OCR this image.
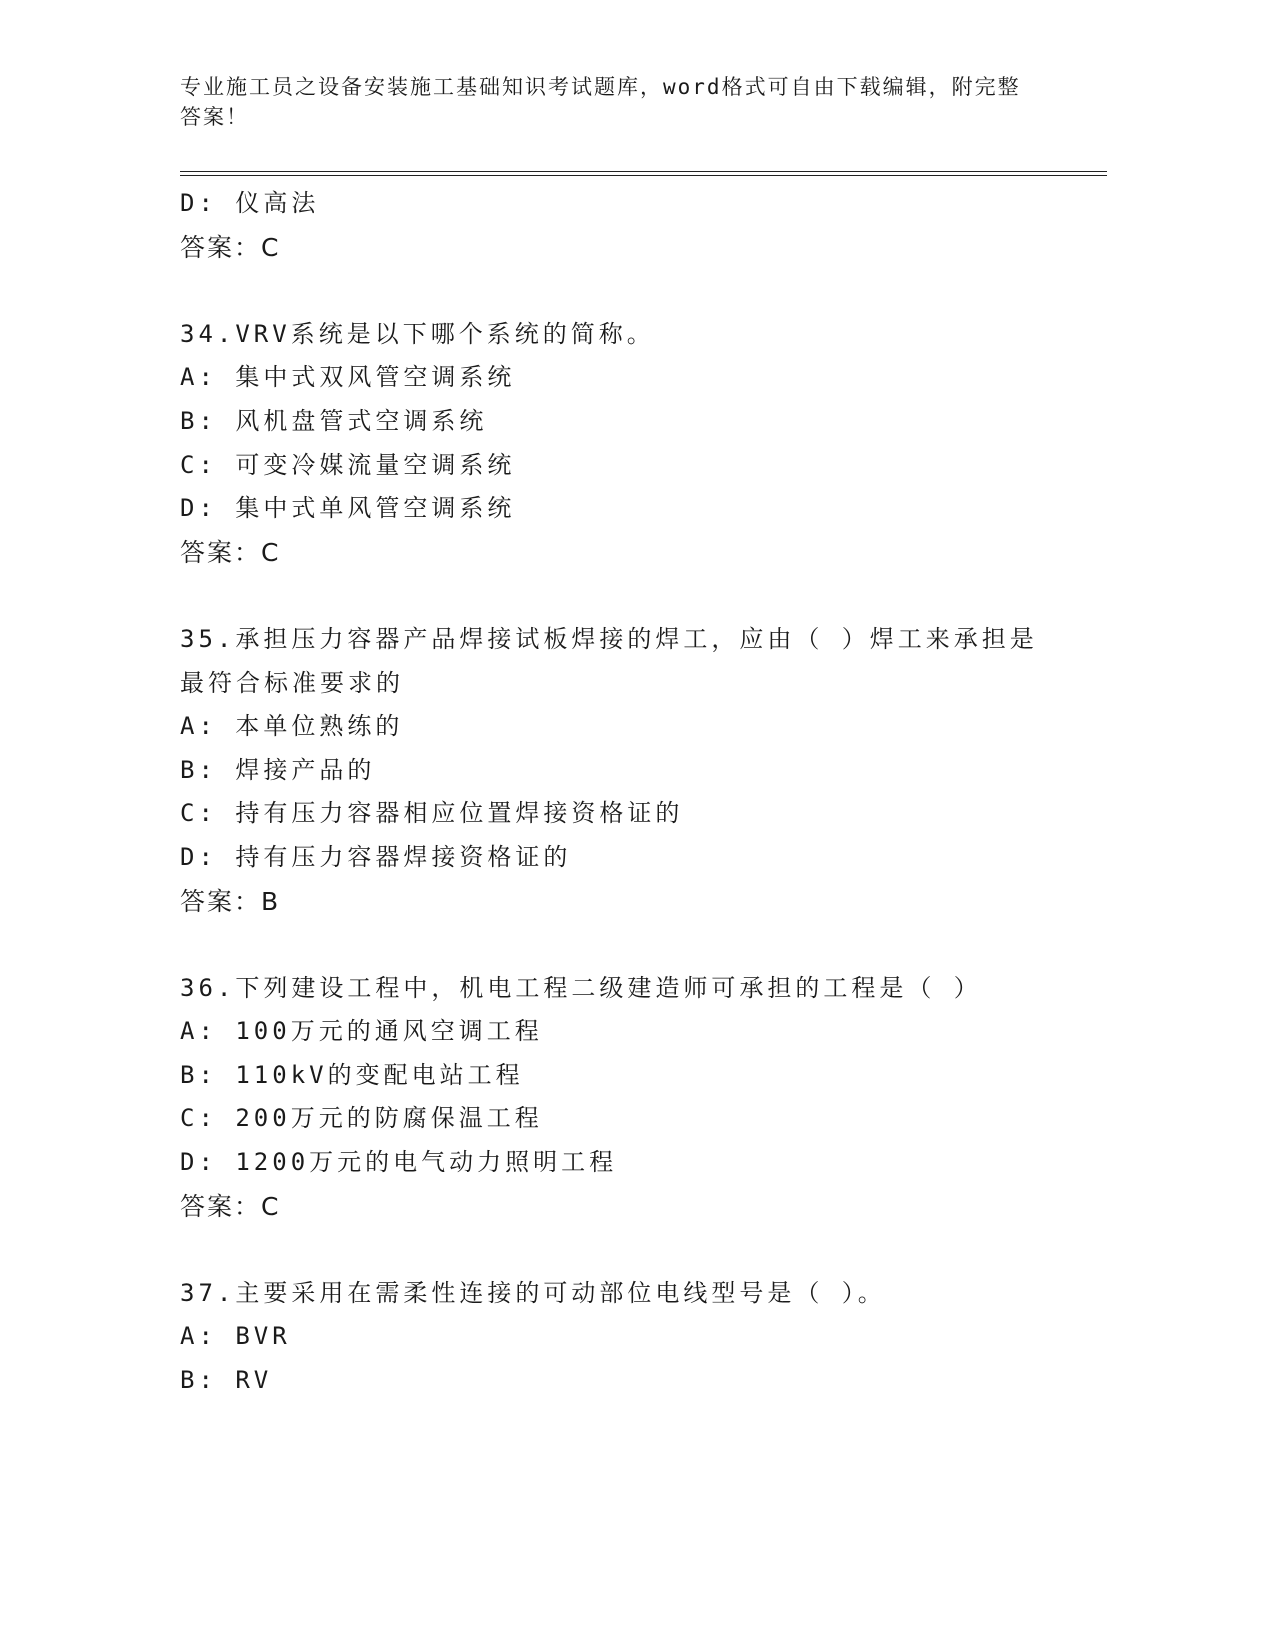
专业施工员之设备安装施工基础知识考试题库，word格式可自由下载编辑，附完整答案！
D: 仪高法
答案：C
34.VRV系统是以下哪个系统的简称。
A: 集中式双风管空调系统
B: 风机盘管式空调系统
C: 可变冷媒流量空调系统
D: 集中式单风管空调系统
答案：C
35.承担压力容器产品焊接试板焊接的焊工，应由（ ）焊工来承担是最符合标准要求的
A: 本单位熟练的
B: 焊接产品的
C: 持有压力容器相应位置焊接资格证的
D: 持有压力容器焊接资格证的
答案：B
36.下列建设工程中，机电工程二级建造师可承担的工程是（ ）
A: 100万元的通风空调工程
B: 110kV的变配电站工程
C: 200万元的防腐保温工程
D: 1200万元的电气动力照明工程
答案：C
37.主要采用在需柔性连接的可动部位电线型号是（ ）。
A: BVR
B: RV
